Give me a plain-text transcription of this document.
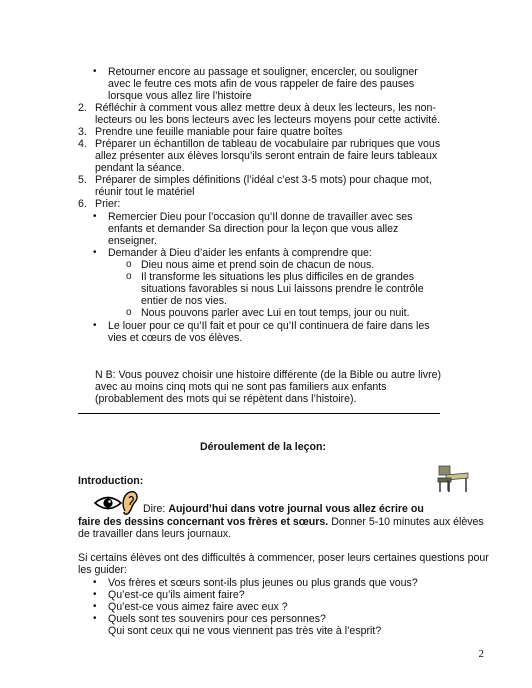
• Retourner encore au passage et souligner, encercler, ou souligner
avec le feutre ces mots afin de vous rappeler de faire des pauses
lorsque vous allez lire l’histoire
2. Réfléchir à comment vous allez mettre deux à deux les lecteurs, les non-
lecteurs ou les bons lecteurs avec les lecteurs moyens pour cette activité.
3. Prendre une feuille maniable pour faire quatre boîtes
4. Préparer un échantillon de tableau de vocabulaire par rubriques que vous
allez présenter aux élèves lorsqu’ils seront entrain de faire leurs tableaux
pendant la séance.
5. Préparer de simples définitions (l’idéal c’est 3-5 mots) pour chaque mot,
réunir tout le matériel
6. Prier:
• Remercier Dieu pour l’occasion qu’Il donne de travailler avec ses
enfants et demander Sa direction pour la leçon que vous allez
enseigner.
• Demander à Dieu d’aider les enfants à comprendre que:
o Dieu nous aime et prend soin de chacun de nous.
o Il transforme les situations les plus difficiles en de grandes
situations favorables si nous Lui laissons prendre le contrôle
entier de nos vies.
o Nous pouvons parler avec Lui en tout temps, jour ou nuit.
• Le louer pour ce qu’Il fait et pour ce qu’Il continuera de faire dans les
vies et cœurs de vos élèves.
N B: Vous pouvez choisir une histoire différente (de la Bible ou autre livre)
avec au moins cinq mots qui ne sont pas familiers aux enfants
(probablement des mots qui se répètent dans l’histoire).
Déroulement de la leçon:
Introduction:
Dire: Aujourd’hui dans votre journal vous allez écrire ou
faire des dessins concernant vos frères et sœurs. Donner 5-10 minutes aux élèves
de travailler dans leurs journaux.
Si certains élèves ont des difficultés à commencer, poser leurs certaines questions pour
les guider:
• Vos frères et sœurs sont-ils plus jeunes ou plus grands que vous?
• Qu’est-ce qu’ils aiment faire?
• Qu’est-ce vous aimez faire avec eux ?
• Quels sont tes souvenirs pour ces personnes?
Qui sont ceux qui ne vous viennent pas très vite à l’esprit?
2
